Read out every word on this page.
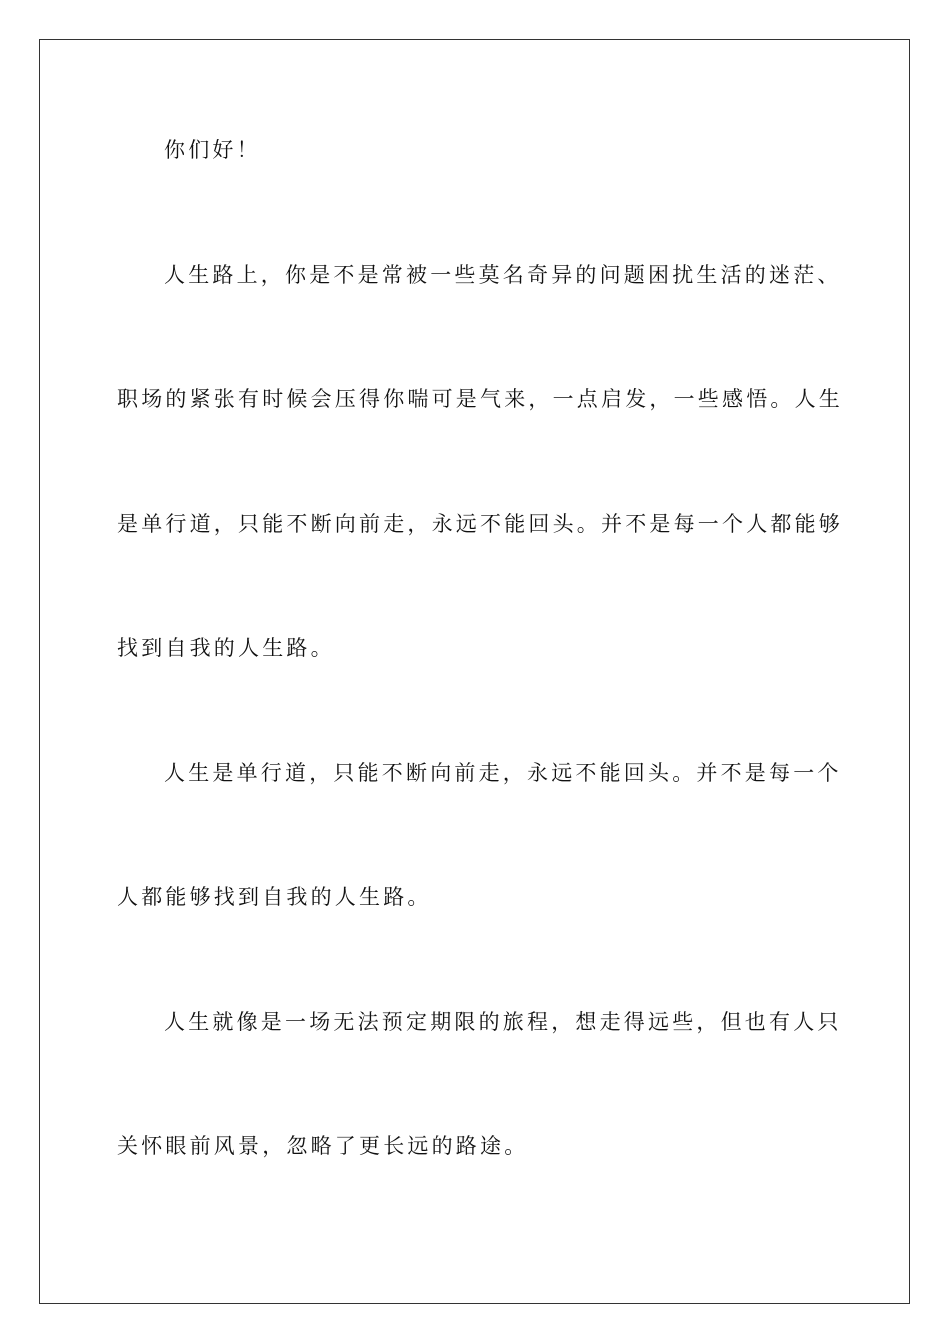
你们好！
人生路上，你是不是常被一些莫名奇异的问题困扰生活的迷茫、
职场的紧张有时候会压得你喘可是气来，一点启发，一些感悟。人生
是单行道，只能不断向前走，永远不能回头。并不是每一个人都能够
找到自我的人生路。
人生是单行道，只能不断向前走，永远不能回头。并不是每一个
人都能够找到自我的人生路。
人生就像是一场无法预定期限的旅程，想走得远些，但也有人只
关怀眼前风景，忽略了更长远的路途。
